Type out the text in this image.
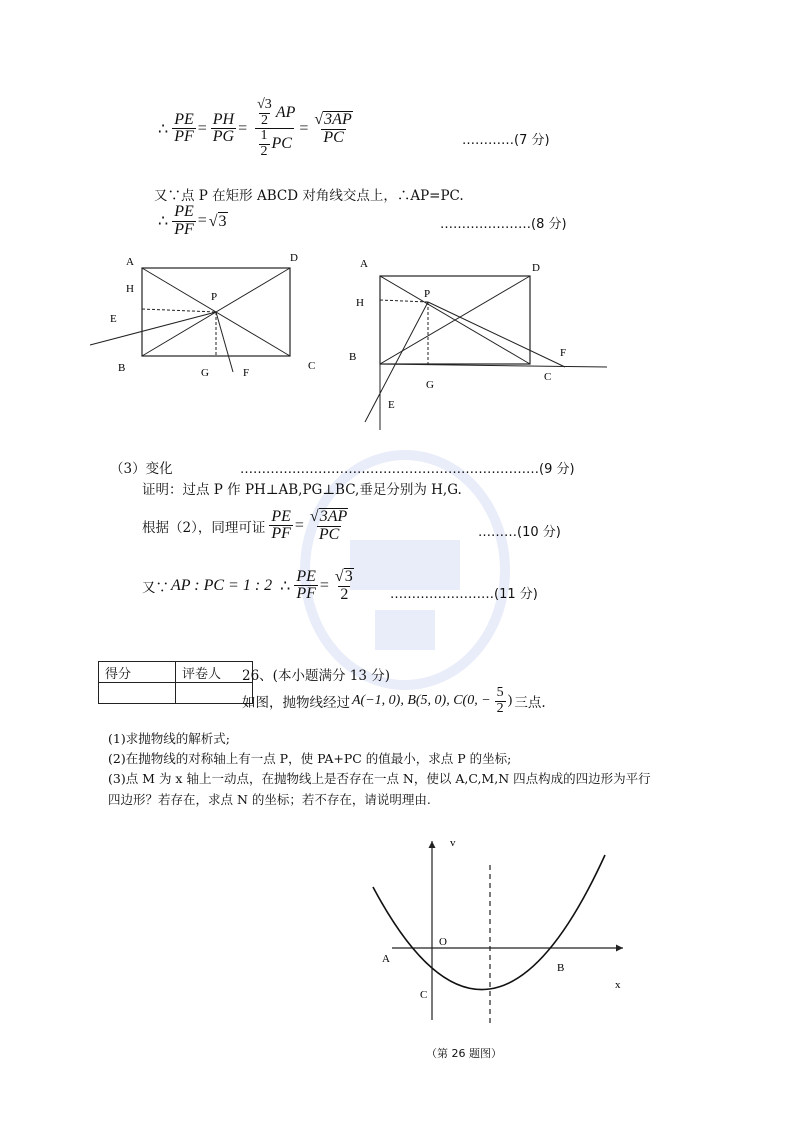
∴ $\frac{PE}{PF} = \frac{PH}{PG} = \frac{\frac{√3}{2} AP}{\frac{1}{2} PC} = \frac{√ 3AP}{PC}$	…………(7 分)
又∵点 P 在矩形 ABCD 对角线交点上，∴AP=PC.
∴ $\frac{PE}{PF}$ = √ 3	…………………(8 分)
A	D
H
P
E
B	G	F
C
A	D
H
P
B	F
C
G
E
（3）变化	……………………………………………………………(9 分)
证明：过点 P 作 PH⊥AB,PG⊥BC,垂足分别为 H,G.
根据（2），同理可证 $\frac{PE}{PF} = \frac{√ 3AP}{PC}$	………(10 分)
又∵ AP : PC = 1 : 2 ∴ $\frac{PE}{PF} = \frac{√ 3}{2}$	……………………(11 分)
得分	评卷人
	26、(本小题满分 13 分)
如图，抛物线经过 A(−1, 0), B(5, 0), C(0, − $\frac{5}{2}$ ) 三点.
(1)求抛物线的解析式;
(2)在抛物线的对称轴上有一点 P，使 PA+PC 的值最小，求点 P 的坐标;
(3)点 M 为 x 轴上一动点，在抛物线上是否存在一点 N，使以 A,C,M,N 四点构成的四边形为平行
四边形？若存在，求点 N 的坐标；若不存在，请说明理由.
v
O
A
B
C
x
（第 26 题图）
